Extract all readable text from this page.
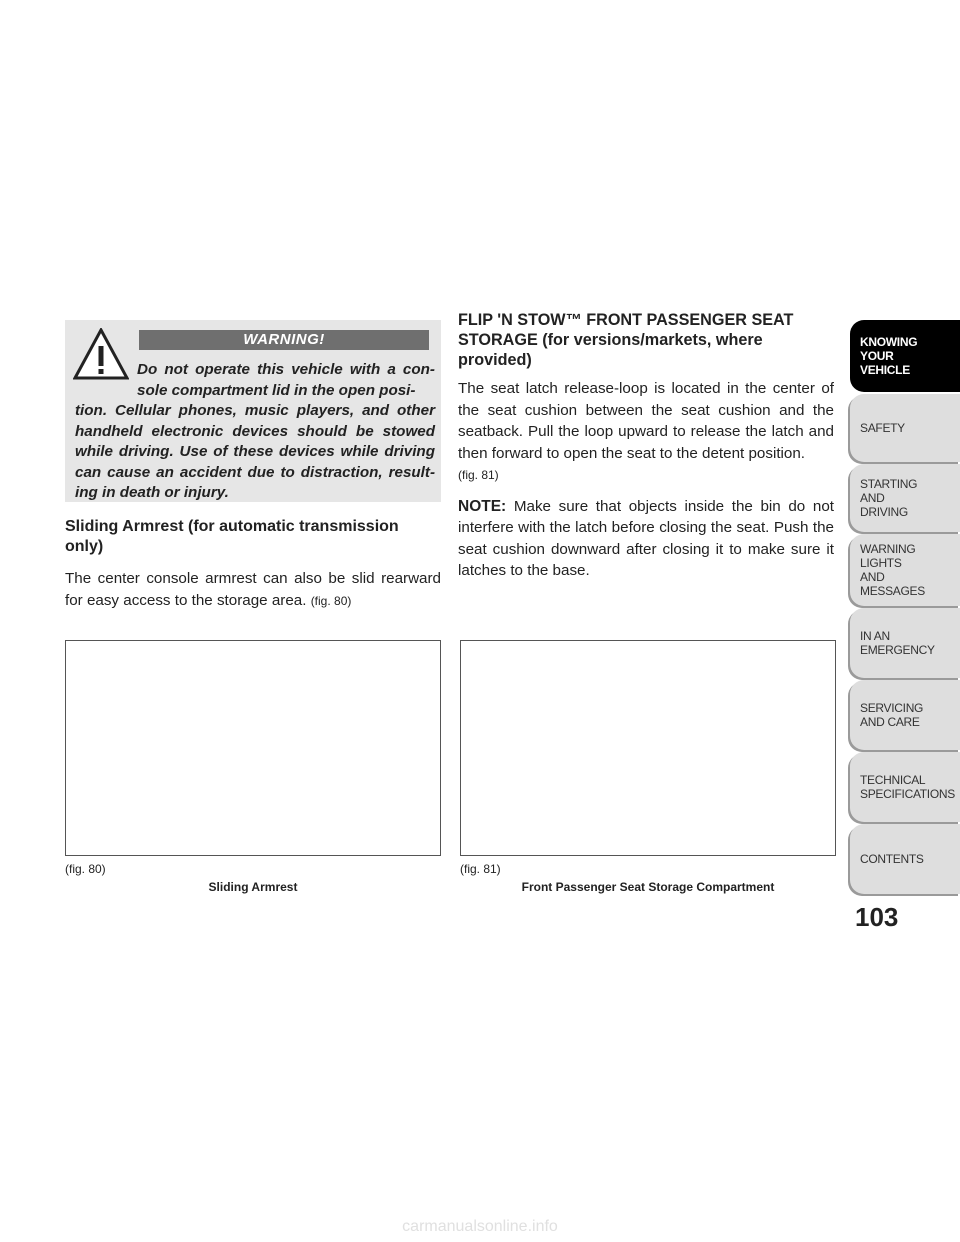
WARNING!
Do not operate this vehicle with a con-sole compartment lid in the open posi-
tion. Cellular phones, music players, and other handheld electronic devices should be stowed while driving. Use of these devices while driving can cause an accident due to distraction, result-ing in death or injury.
Sliding Armrest (for automatic transmission only)
The center console armrest can also be slid rearward for easy access to the storage area. (fig. 80)
FLIP 'N STOW™ FRONT PASSENGER SEAT STORAGE (for versions/markets, where provided)
The seat latch release-loop is located in the center of the seat cushion between the seat cushion and the seatback. Pull the loop upward to release the latch and then forward to open the seat to the detent position.
(fig. 81)
NOTE: Make sure that objects inside the bin do not interfere with the latch before closing the seat. Push the seat cushion downward after closing it to make sure it latches to the base.
(fig. 80)
Sliding Armrest
(fig. 81)
Front Passenger Seat Storage Compartment
KNOWING
YOUR
VEHICLE
SAFETY
STARTING
AND
DRIVING
WARNING
LIGHTS
AND
MESSAGES
IN AN
EMERGENCY
SERVICING
AND CARE
TECHNICAL
SPECIFICATIONS
CONTENTS
103
carmanualsonline.info
